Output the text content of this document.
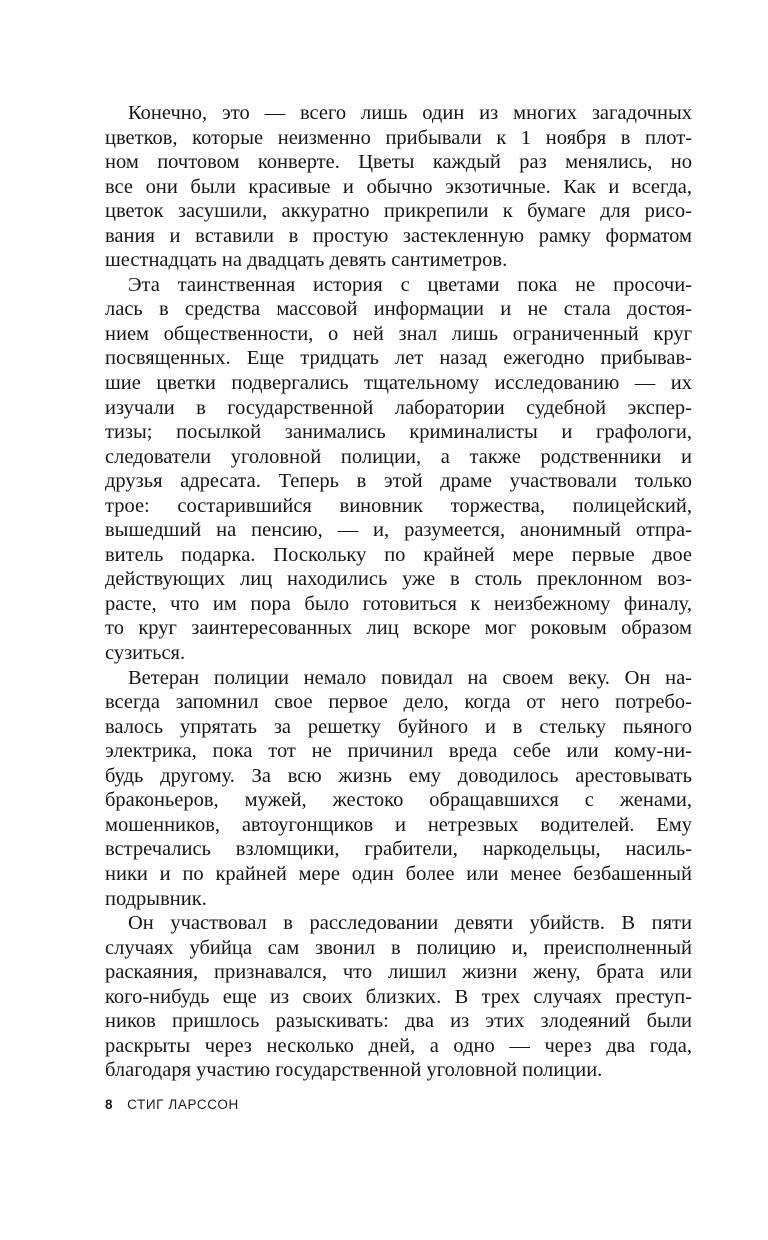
Конечно, это — всего лишь один из многих загадочных
цветков, которые неизменно прибывали к 1 ноября в плот-
ном почтовом конверте. Цветы каждый раз менялись, но
все они были красивые и обычно экзотичные. Как и всегда,
цветок засушили, аккуратно прикрепили к бумаге для рисо-
вания и вставили в простую застекленную рамку форматом
шестнадцать на двадцать девять сантиметров.
Эта таинственная история с цветами пока не просочи-
лась в средства массовой информации и не стала достоя-
нием общественности, о ней знал лишь ограниченный круг
посвященных. Еще тридцать лет назад ежегодно прибывав-
шие цветки подвергались тщательному исследованию — их
изучали в государственной лаборатории судебной экспер-
тизы; посылкой занимались криминалисты и графологи,
следователи уголовной полиции, а также родственники и
друзья адресата. Теперь в этой драме участвовали только
трое: состарившийся виновник торжества, полицейский,
вышедший на пенсию, — и, разумеется, анонимный отпра-
витель подарка. Поскольку по крайней мере первые двое
действующих лиц находились уже в столь преклонном воз-
расте, что им пора было готовиться к неизбежному финалу,
то круг заинтересованных лиц вскоре мог роковым образом
сузиться.
Ветеран полиции немало повидал на своем веку. Он на-
всегда запомнил свое первое дело, когда от него потребо-
валось упрятать за решетку буйного и в стельку пьяного
электрика, пока тот не причинил вреда себе или кому-ни-
будь другому. За всю жизнь ему доводилось арестовывать
браконьеров, мужей, жестоко обращавшихся с женами,
мошенников, автоугонщиков и нетрезвых водителей. Ему
встречались взломщики, грабители, наркодельцы, насиль-
ники и по крайней мере один более или менее безбашенный
подрывник.
Он участвовал в расследовании девяти убийств. В пяти
случаях убийца сам звонил в полицию и, преисполненный
раскаяния, признавался, что лишил жизни жену, брата или
кого-нибудь еще из своих близких. В трех случаях преступ-
ников пришлось разыскивать: два из этих злодеяний были
раскрыты через несколько дней, а одно — через два года,
благодаря участию государственной уголовной полиции.
8 СТИГ ЛАРССОН
